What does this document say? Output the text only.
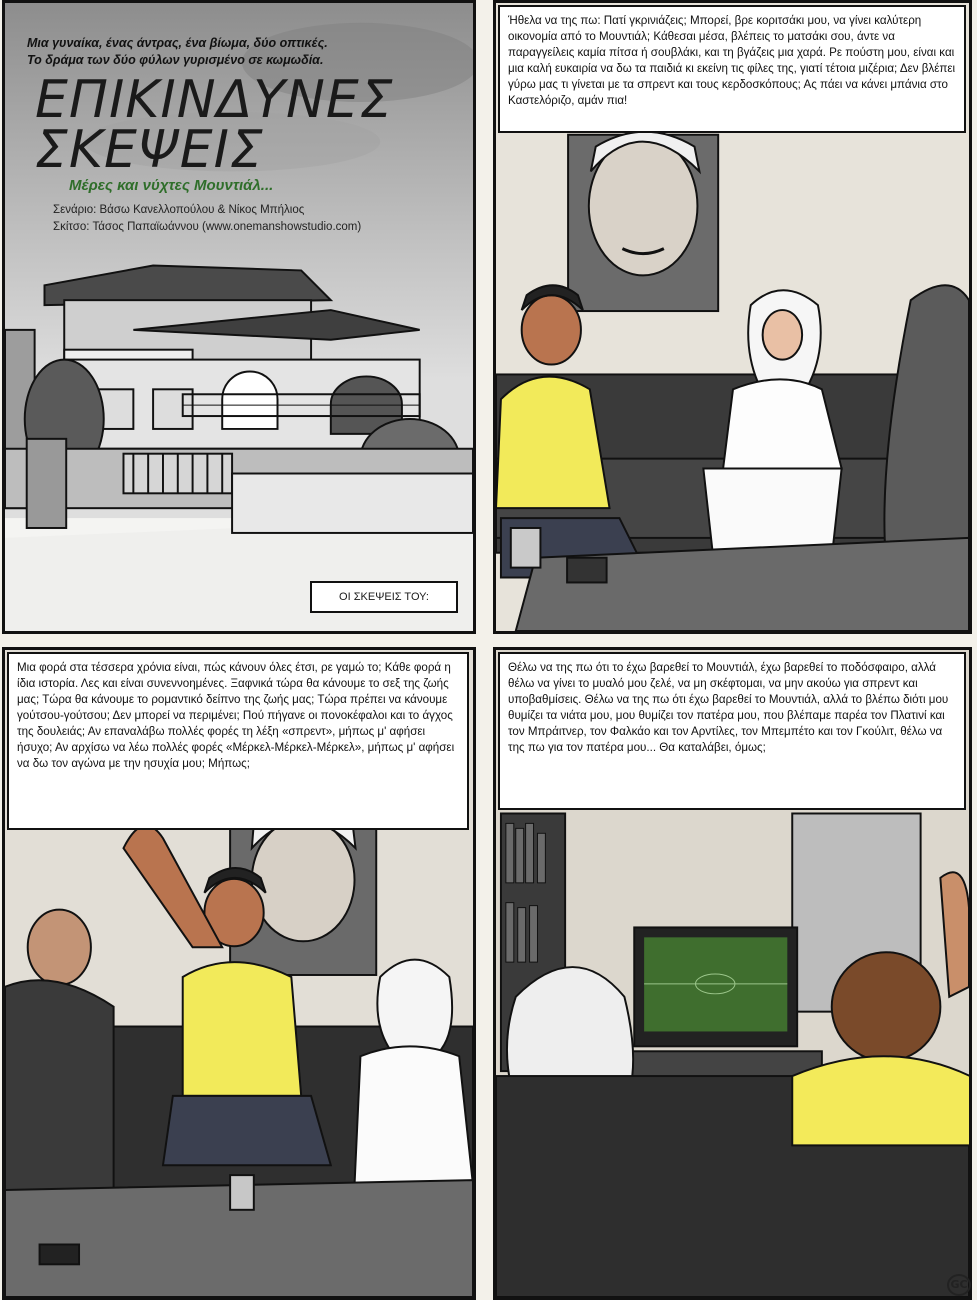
Μια γυναίκα, ένας άντρας, ένα βίωμα, δύο οπτικές.
Το δράμα των δύο φύλων γυρισμένο σε κωμωδία.
ΕΠΙΚΙΝΔΥΝΕΣ
ΣΚΕΨΕΙΣ
Μέρες και νύχτες Μουντιάλ...
Σενάριο: Βάσω Κανελλοπούλου & Νίκος Μπήλιος
Σκίτσο: Τάσος Παπαϊωάννου (www.onemanshowstudio.com)
ΟΙ ΣΚΕΨΕΙΣ ΤΟΥ:
Ήθελα να της πω: Πατί γκρινιάζεις; Μπορεί, βρε κοριτσάκι μου, να γίνει καλύτερη οικονομία από το Μουντιάλ; Κάθεσαι μέσα, βλέπεις το ματσάκι σου, άντε να παραγγείλεις καμία πίτσα ή σουβλάκι, και τη βγάζεις μια χαρά. Ρε πούστη μου, είναι και μια καλή ευκαιρία να δω τα παιδιά κι εκείνη τις φίλες της, γιατί τέτοια μιζέρια; Δεν βλέπει γύρω μας τι γίνεται με τα σπρεντ και τους κερδοσκόπους; Ας πάει να κάνει μπάνια στο Καστελόριζο, αμάν πια!
Μια φορά στα τέσσερα χρόνια είναι, πώς κάνουν όλες έτσι, ρε γαμώ το; Κάθε φορά η ίδια ιστορία. Λες και είναι συνεννοημένες. Ξαφνικά τώρα θα κάνουμε το σεξ της ζωής μας; Τώρα θα κάνουμε το ρομαντικό δείπνο της ζωής μας; Τώρα πρέπει να κάνουμε γούτσου-γούτσου; Δεν μπορεί να περιμένει; Πού πήγανε οι πονοκέφαλοι και το άγχος της δουλειάς; Αν επαναλάβω πολλές φορές τη λέξη «σπρεντ», μήπως μ' αφήσει ήσυχο; Αν αρχίσω να λέω πολλές φορές «Μέρκελ-Μέρκελ-Μέρκελ», μήπως μ' αφήσει να δω τον αγώνα με την ησυχία μου; Μήπως;
Θέλω να της πω ότι το έχω βαρεθεί το Μουντιάλ, έχω βαρεθεί το ποδόσφαιρο, αλλά θέλω να γίνει το μυαλό μου ζελέ, να μη σκέφτομαι, να μην ακούω για σπρεντ και υποβαθμίσεις. Θέλω να της πω ότι έχω βαρεθεί το Μουντιάλ, αλλά το βλέπω διότι μου θυμίζει τα νιάτα μου, μου θυμίζει τον πατέρα μου, που βλέπαμε παρέα τον Πλατινί και τον Μπράιτνερ, τον Φαλκάο και τον Αρντίλες, τον Μπεμπέτο και τον Γκούλιτ, θέλω να της πω για τον πατέρα μου... Θα καταλάβει, όμως;
GC
